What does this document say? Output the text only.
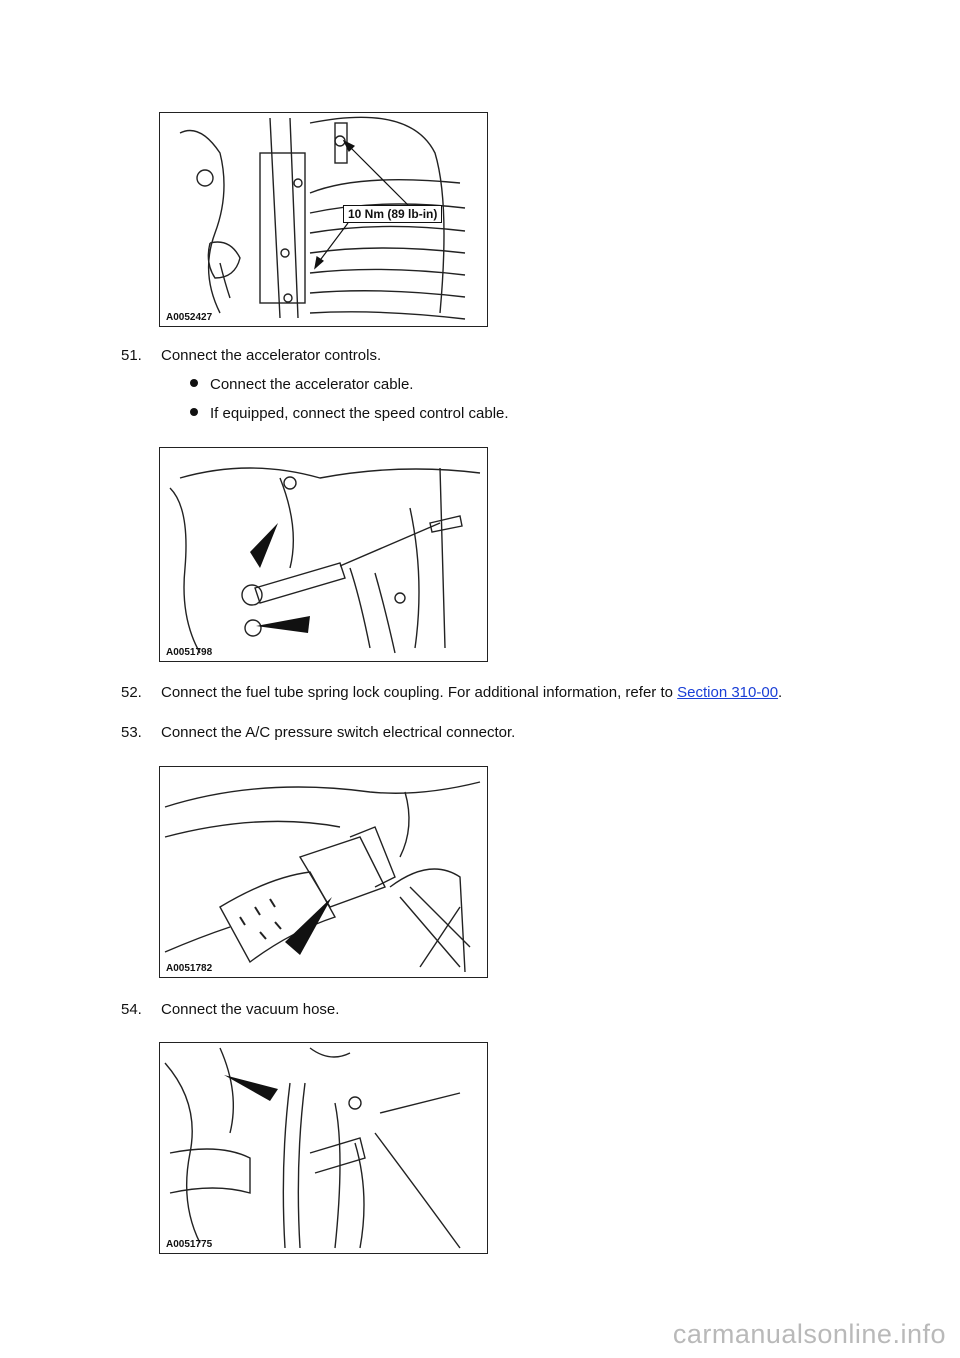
10 Nm (89 lb-in)
A0052427
51. Connect the accelerator controls.
Connect the accelerator cable.
If equipped, connect the speed control cable.
A0051798
52. Connect the fuel tube spring lock coupling. For additional information, refer to Section 310-00.
53. Connect the A/C pressure switch electrical connector.
A0051782
54. Connect the vacuum hose.
A0051775
carmanualsonline.info
